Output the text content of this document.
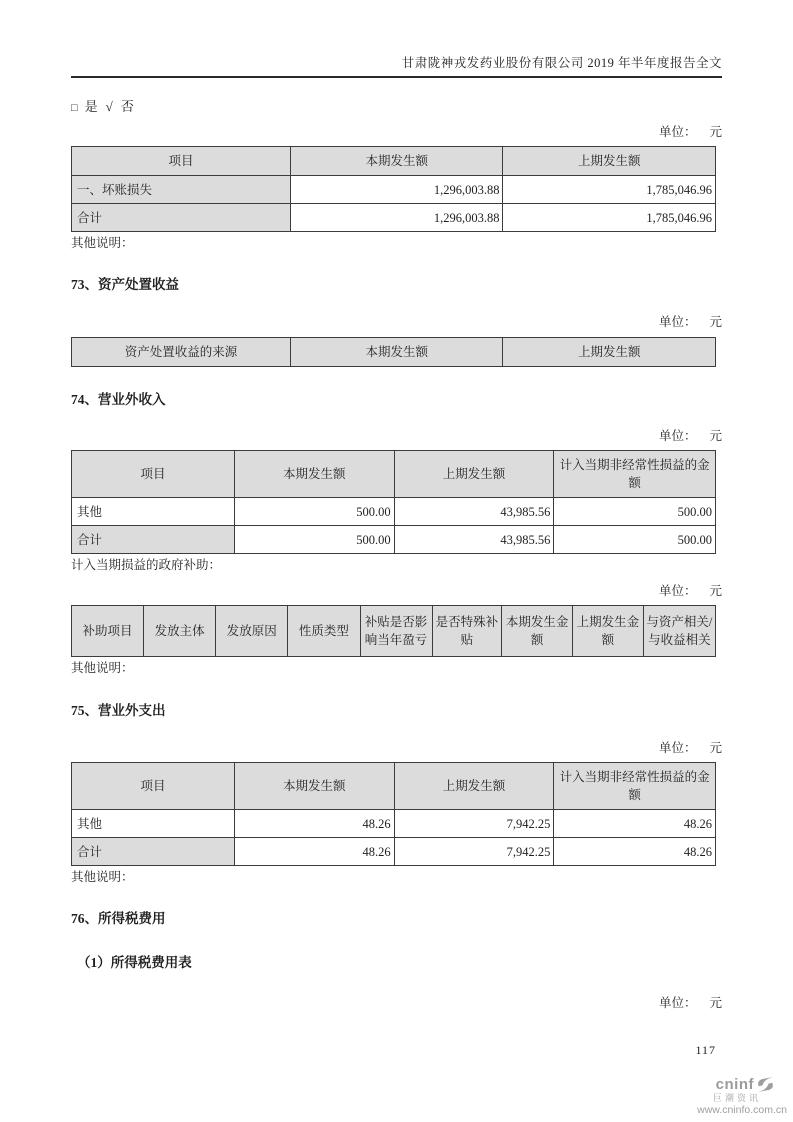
甘肃陇神戎发药业股份有限公司 2019 年半年度报告全文
□ 是 √ 否
单位： 元
项目	本期发生额	上期发生额
一、坏账损失	1,296,003.88	1,785,046.96
合计	1,296,003.88	1,785,046.96
其他说明：
73、资产处置收益
单位： 元
资产处置收益的来源	本期发生额	上期发生额
74、营业外收入
单位： 元
项目	本期发生额	上期发生额	计入当期非经常性损益的金额
其他	500.00	43,985.56	500.00
合计	500.00	43,985.56	500.00
计入当期损益的政府补助：
单位： 元
补助项目	发放主体	发放原因	性质类型	补贴是否影响当年盈亏	是否特殊补贴	本期发生金额	上期发生金额	与资产相关/与收益相关
其他说明：
75、营业外支出
单位： 元
项目	本期发生额	上期发生额	计入当期非经常性损益的金额
其他	48.26	7,942.25	48.26
合计	48.26	7,942.25	48.26
其他说明：
76、所得税费用
（1）所得税费用表
单位： 元
117
cninf
巨潮资讯
www.cninfo.com.cn
